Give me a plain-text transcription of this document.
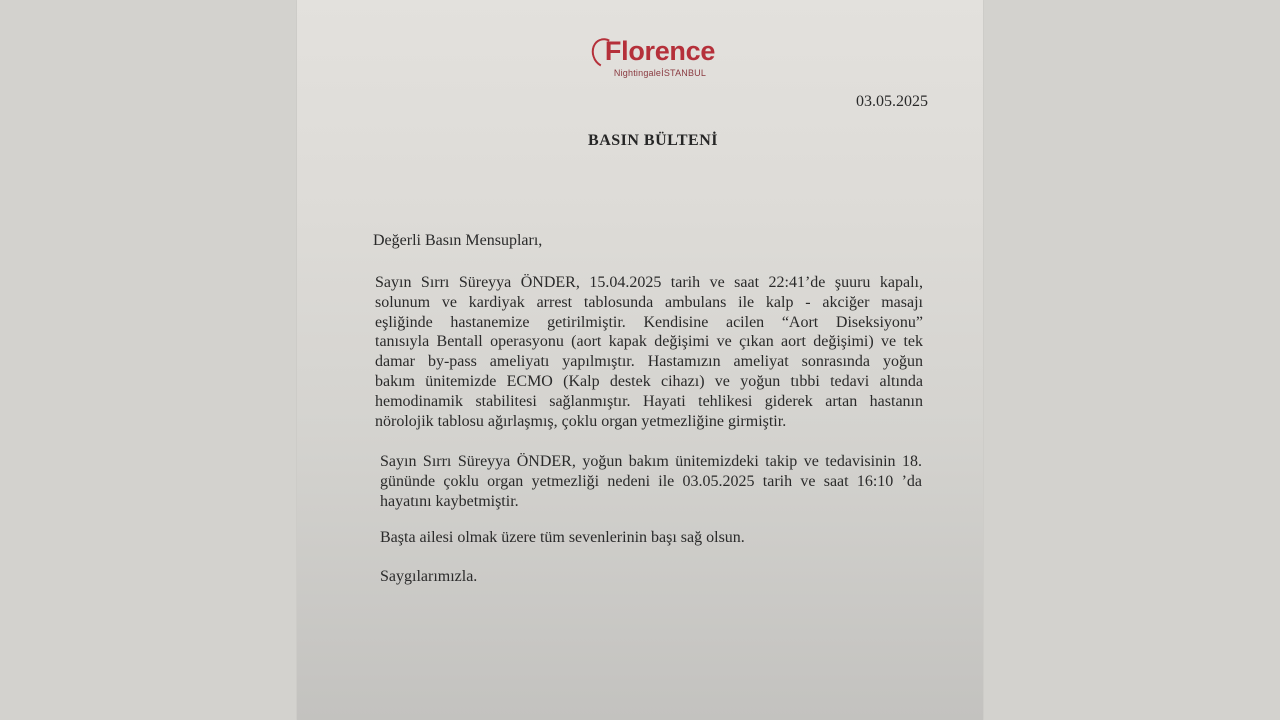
Florence
NightingaleİSTANBUL
03.05.2025
BASIN BÜLTENİ
Değerli Basın Mensupları,
Sayın Sırrı Süreyya ÖNDER, 15.04.2025 tarih ve saat 22:41’de şuuru kapalı,
solunum ve kardiyak arrest tablosunda ambulans ile kalp - akciğer masajı
eşliğinde hastanemize getirilmiştir. Kendisine acilen “Aort Diseksiyonu”
tanısıyla Bentall operasyonu (aort kapak değişimi ve çıkan aort değişimi) ve tek
damar by-pass ameliyatı yapılmıştır. Hastamızın ameliyat sonrasında yoğun
bakım ünitemizde ECMO (Kalp destek cihazı) ve yoğun tıbbi tedavi altında
hemodinamik stabilitesi sağlanmıştır. Hayati tehlikesi giderek artan hastanın
nörolojik tablosu ağırlaşmış, çoklu organ yetmezliğine girmiştir.
Sayın Sırrı Süreyya ÖNDER, yoğun bakım ünitemizdeki takip ve tedavisinin 18.
gününde çoklu organ yetmezliği nedeni ile 03.05.2025 tarih ve saat 16:10 ’da
hayatını kaybetmiştir.
Başta ailesi olmak üzere tüm sevenlerinin başı sağ olsun.
Saygılarımızla.
